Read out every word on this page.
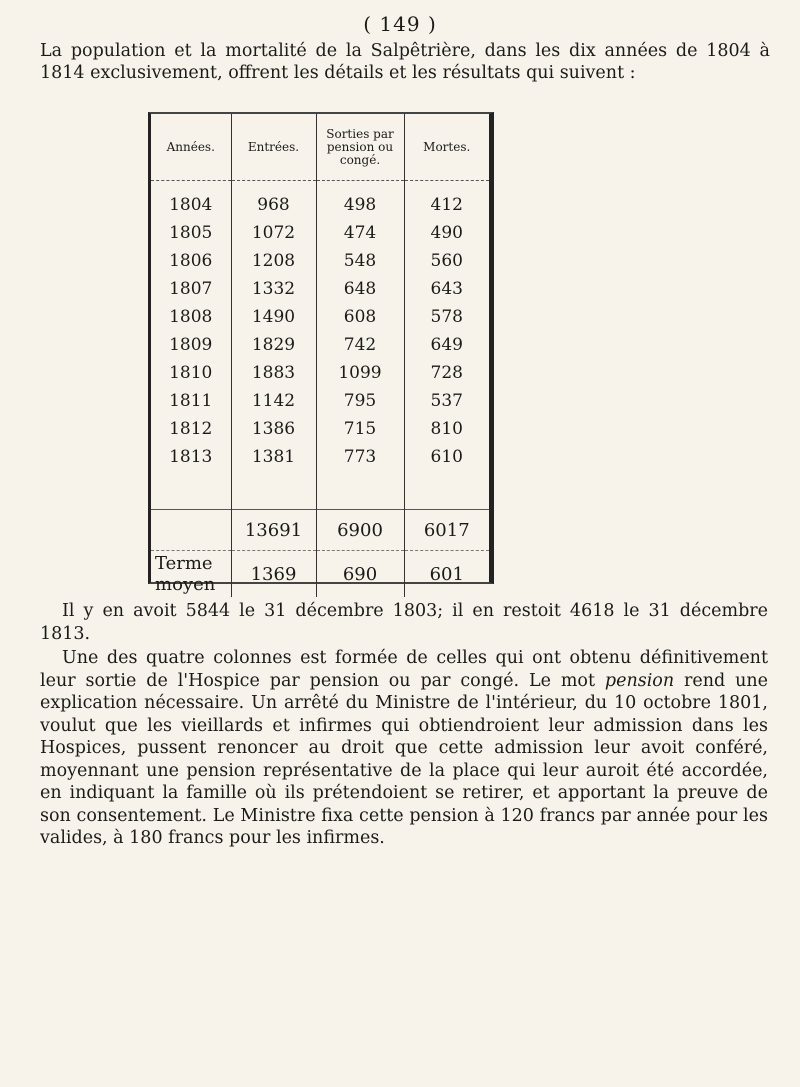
( 149 )

La population et la mortalité de la Salpêtrière, dans les dix années de 1804 à 1814 exclusivement, offrent les détails et les résultats qui suivent :

Années.	Entrées.	Sorties par pension ou congé.	Mortes.
1804	968	498	412
1805	1072	474	490
1806	1208	548	560
1807	1332	648	643
1808	1490	608	578
1809	1829	742	649
1810	1883	1099	728
1811	1142	795	537
1812	1386	715	810
1813	1381	773	610

	13691	6900	6017
Terme moyen	1369	690	601

Il y en avoit 5844 le 31 décembre 1803; il en restoit 4618 le 31 décembre 1813.

Une des quatre colonnes est formée de celles qui ont obtenu définitivement leur sortie de l'Hospice par pension ou par congé. Le mot pension rend une explication nécessaire. Un arrêté du Ministre de l'intérieur, du 10 octobre 1801, voulut que les vieillards et infirmes qui obtiendroient leur admission dans les Hospices, pussent renoncer au droit que cette admission leur avoit conféré, moyennant une pension représentative de la place qui leur auroit été accordée, en indiquant la famille où ils prétendoient se retirer, et apportant la preuve de son consentement. Le Ministre fixa cette pension à 120 francs par année pour les valides, à 180 francs pour les infirmes.
